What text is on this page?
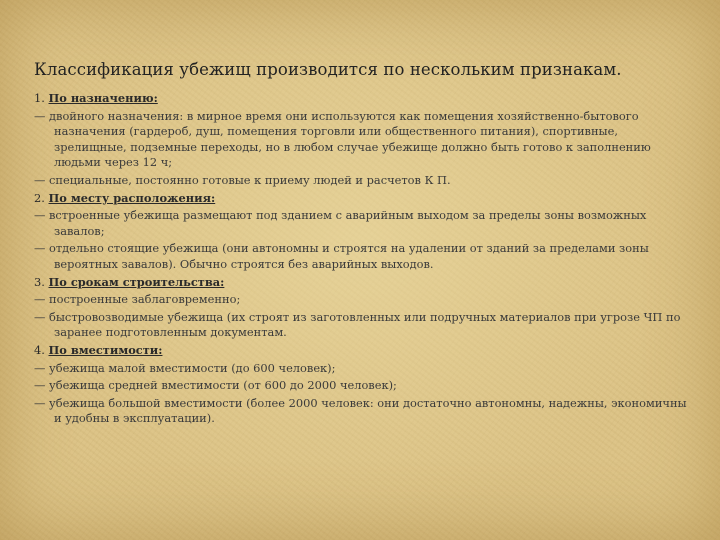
Классификация убежищ производится по нескольким признакам.
1. По назначению:
— двойного назначения: в мирное время они используются как помещения хозяйственно-бытового назначения (гардероб, душ, помещения торговли или общественного питания), спортивные, зрелищные, подземные переходы, но в любом случае убежище должно быть готово к заполнению людьми через 12 ч;
— специальные, постоянно готовые к приему людей и расчетов К П.
2. По месту расположения:
— встроенные убежища размещают под зданием с аварийным выходом за пределы зоны возможных завалов;
— отдельно стоящие убежища (они автономны и строятся на удалении от зданий за пределами зоны вероятных завалов). Обычно строятся без аварийных выходов.
3. По срокам строительства:
— построенные заблаговременно;
— быстровозводимые убежища (их строят из заготовленных или подручных материалов при угрозе ЧП по заранее подготовленным документам.
4. По вместимости:
— убежища малой вместимости (до 600 человек);
— убежища средней вместимости (от 600 до 2000 человек);
— убежища большой вместимости (более 2000 человек: они достаточно автономны, надежны, экономичны и удобны в эксплуатации).
